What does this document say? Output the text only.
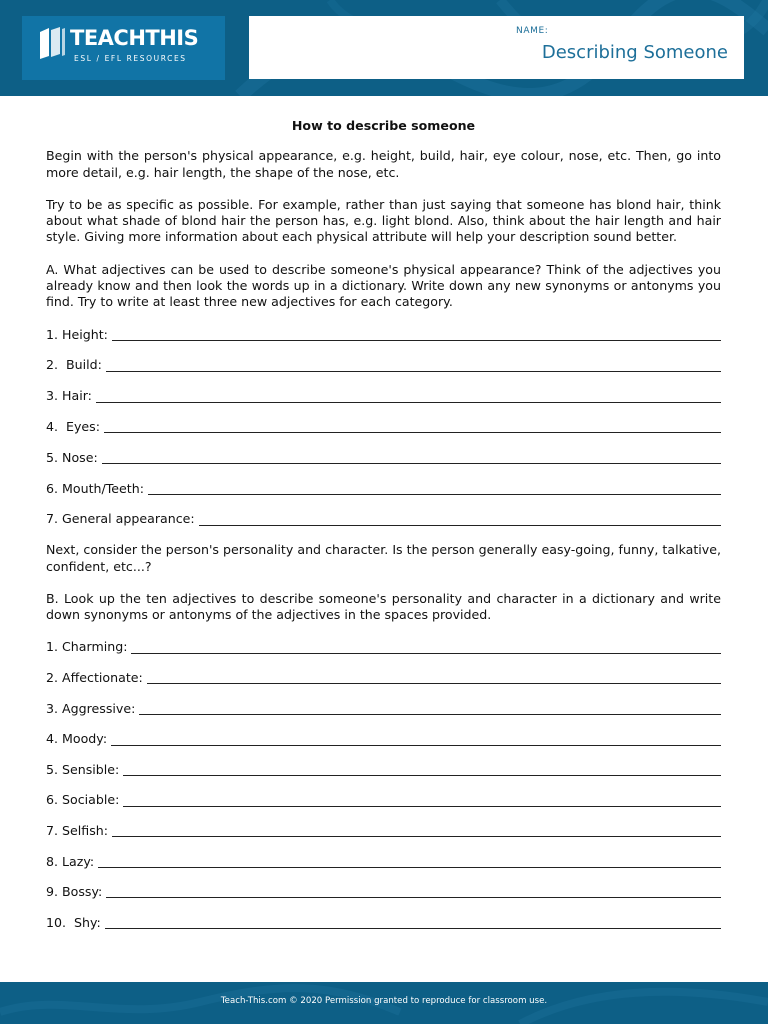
TEACHTHIS
ESL / EFL RESOURCES
NAME:
Describing Someone
How to describe someone

Begin with the person's physical appearance, e.g. height, build, hair, eye colour, nose, etc. Then, go into more detail, e.g. hair length, the shape of the nose, etc.

Try to be as specific as possible. For example, rather than just saying that someone has blond hair, think about what shade of blond hair the person has, e.g. light blond. Also, think about the hair length and hair style. Giving more information about each physical attribute will help your description sound better.

A. What adjectives can be used to describe someone's physical appearance? Think of the adjectives you already know and then look the words up in a dictionary. Write down any new synonyms or antonyms you find. Try to write at least three new adjectives for each category.

1. Height:
2.  Build:
3. Hair:
4.  Eyes:
5. Nose:
6. Mouth/Teeth:
7. General appearance:

Next, consider the person's personality and character. Is the person generally easy-going, funny, talkative, confident, etc...?

B. Look up the ten adjectives to describe someone's personality and character in a dictionary and write down synonyms or antonyms of the adjectives in the spaces provided.

1. Charming:
2. Affectionate:
3. Aggressive:
4. Moody:
5. Sensible:
6. Sociable:
7. Selfish:
8. Lazy:
9. Bossy:
10.  Shy:
Teach-This.com © 2020 Permission granted to reproduce for classroom use.
